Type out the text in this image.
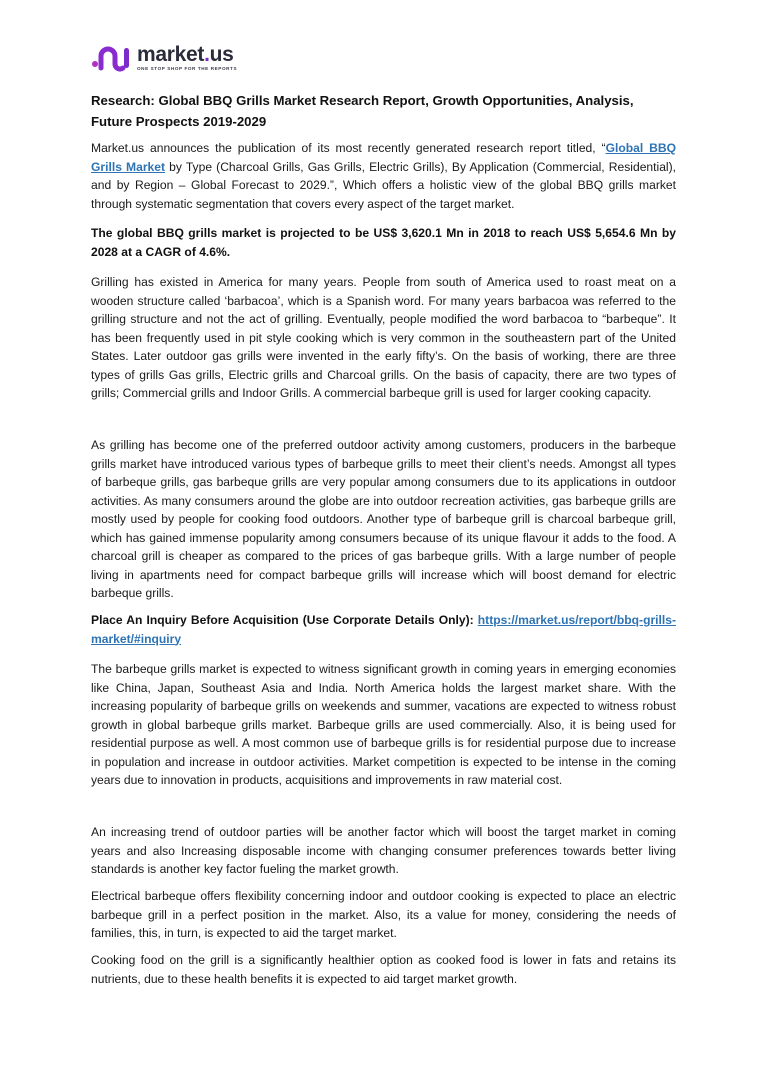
market.us
ONE STOP SHOP FOR THE REPORTS
Research: Global BBQ Grills Market Research Report, Growth Opportunities, Analysis, Future Prospects 2019-2029
Market.us announces the publication of its most recently generated research report titled, “Global BBQ Grills Market by Type (Charcoal Grills, Gas Grills, Electric Grills), By Application (Commercial, Residential), and by Region – Global Forecast to 2029.”, Which offers a holistic view of the global BBQ grills market through systematic segmentation that covers every aspect of the target market.
The global BBQ grills market is projected to be US$ 3,620.1 Mn in 2018 to reach US$ 5,654.6 Mn by 2028 at a CAGR of 4.6%.
Grilling has existed in America for many years. People from south of America used to roast meat on a wooden structure called ‘barbacoa’, which is a Spanish word. For many years barbacoa was referred to the grilling structure and not the act of grilling. Eventually, people modified the word barbacoa to “barbeque”. It has been frequently used in pit style cooking which is very common in the southeastern part of the United States. Later outdoor gas grills were invented in the early fifty’s. On the basis of working, there are three types of grills Gas grills, Electric grills and Charcoal grills. On the basis of capacity, there are two types of grills; Commercial grills and Indoor Grills. A commercial barbeque grill is used for larger cooking capacity.
As grilling has become one of the preferred outdoor activity among customers, producers in the barbeque grills market have introduced various types of barbeque grills to meet their client’s needs. Amongst all types of barbeque grills, gas barbeque grills are very popular among consumers due to its applications in outdoor activities. As many consumers around the globe are into outdoor recreation activities, gas barbeque grills are mostly used by people for cooking food outdoors. Another type of barbeque grill is charcoal barbeque grill, which has gained immense popularity among consumers because of its unique flavour it adds to the food. A charcoal grill is cheaper as compared to the prices of gas barbeque grills. With a large number of people living in apartments need for compact barbeque grills will increase which will boost demand for electric barbeque grills.
Place An Inquiry Before Acquisition (Use Corporate Details Only): https://market.us/report/bbq-grills-market/#inquiry
The barbeque grills market is expected to witness significant growth in coming years in emerging economies like China, Japan, Southeast Asia and India. North America holds the largest market share. With the increasing popularity of barbeque grills on weekends and summer, vacations are expected to witness robust growth in global barbeque grills market. Barbeque grills are used commercially. Also, it is being used for residential purpose as well. A most common use of barbeque grills is for residential purpose due to increase in population and increase in outdoor activities. Market competition is expected to be intense in the coming years due to innovation in products, acquisitions and improvements in raw material cost.
An increasing trend of outdoor parties will be another factor which will boost the target market in coming years and also Increasing disposable income with changing consumer preferences towards better living standards is another key factor fueling the market growth.
Electrical barbeque offers flexibility concerning indoor and outdoor cooking is expected to place an electric barbeque grill in a perfect position in the market. Also, its a value for money, considering the needs of families, this, in turn, is expected to aid the target market.
Cooking food on the grill is a significantly healthier option as cooked food is lower in fats and retains its nutrients, due to these health benefits it is expected to aid target market growth.
